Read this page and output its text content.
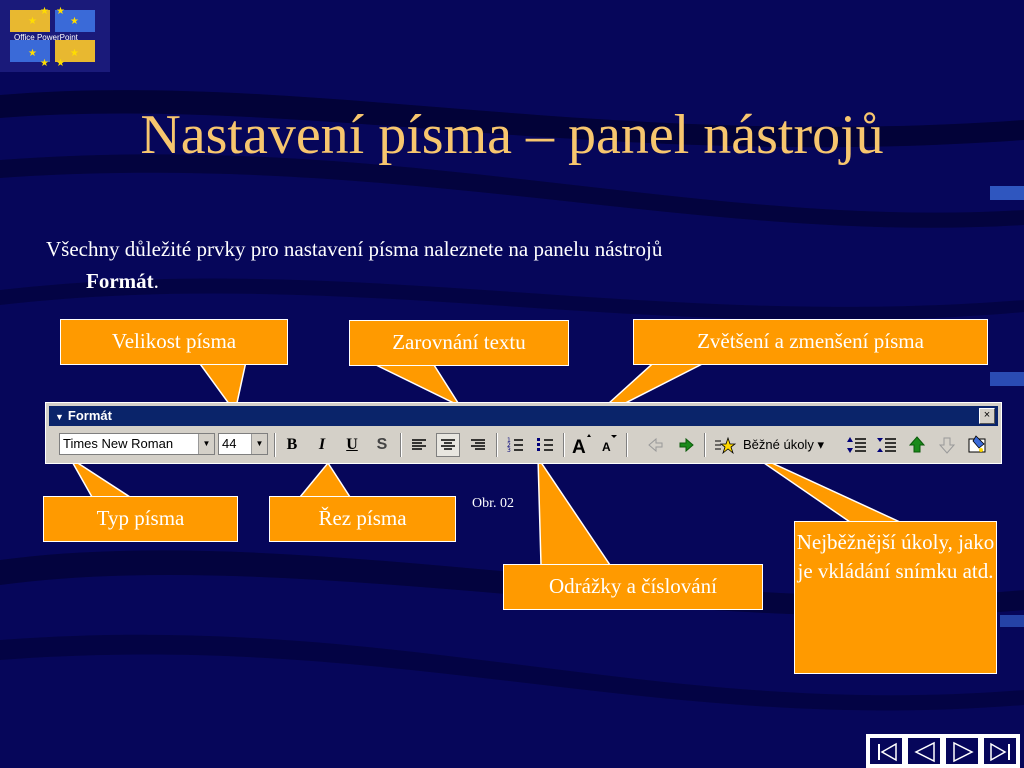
★ ★
★	★
★	★
★ ★
Office PowerPoint
Nastavení písma – panel nástrojů
Všechny důležité prvky pro nastavení písma naleznete na panelu nástrojů
Formát.
Velikost písma	Zarovnání textu	Zvětšení a zmenšení písma
Typ písma	Řez písma
Odrážky a číslování
Nejběžnější úkoly, jako je vkládání snímku atd.
Obr. 02
▼ Formát	×
Times New Roman	▼ 44	▼	B	I	U	S	1
2
3	A A	Běžné úkoly ▾
